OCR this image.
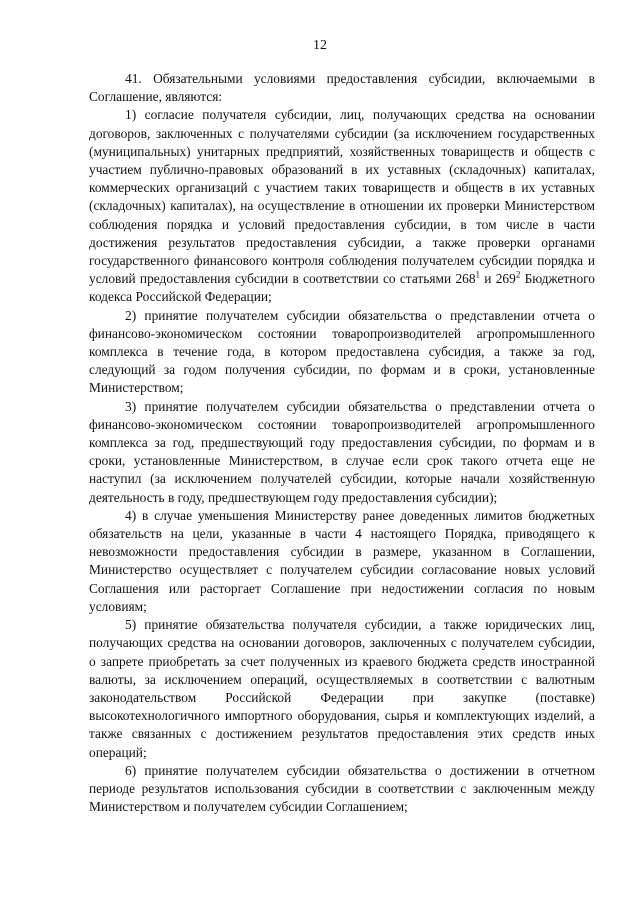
12

41. Обязательными условиями предоставления субсидии, включаемыми в Соглашение, являются:

1) согласие получателя субсидии, лиц, получающих средства на основании договоров, заключенных с получателями субсидии (за исключением государственных (муниципальных) унитарных предприятий, хозяйственных товариществ и обществ с участием публично-правовых образований в их уставных (складочных) капиталах, коммерческих организаций с участием таких товариществ и обществ в их уставных (складочных) капиталах), на осуществление в отношении их проверки Министерством соблюдения порядка и условий предоставления субсидии, в том числе в части достижения результатов предоставления субсидии, а также проверки органами государственного финансового контроля соблюдения получателем субсидии порядка и условий предоставления субсидии в соответствии со статьями $268^1$ и $269^2$ Бюджетного кодекса Российской Федерации;

2) принятие получателем субсидии обязательства о представлении отчета о финансово-экономическом состоянии товаропроизводителей агропромышленного комплекса в течение года, в котором предоставлена субсидия, а также за год, следующий за годом получения субсидии, по формам и в сроки, установленные Министерством;

3) принятие получателем субсидии обязательства о представлении отчета о финансово-экономическом состоянии товаропроизводителей агропромышленного комплекса за год, предшествующий году предоставления субсидии, по формам и в сроки, установленные Министерством, в случае если срок такого отчета еще не наступил (за исключением получателей субсидии, которые начали хозяйственную деятельность в году, предшествующем году предоставления субсидии);

4) в случае уменьшения Министерству ранее доведенных лимитов бюджетных обязательств на цели, указанные в части 4 настоящего Порядка, приводящего к невозможности предоставления субсидии в размере, указанном в Соглашении, Министерство осуществляет с получателем субсидии согласование новых условий Соглашения или расторгает Соглашение при недостижении согласия по новым условиям;

5) принятие обязательства получателя субсидии, а также юридических лиц, получающих средства на основании договоров, заключенных с получателем субсидии, о запрете приобретать за счет полученных из краевого бюджета средств иностранной валюты, за исключением операций, осуществляемых в соответствии с валютным законодательством Российской Федерации при закупке (поставке) высокотехнологичного импортного оборудования, сырья и комплектующих изделий, а также связанных с достижением результатов предоставления этих средств иных операций;

6) принятие получателем субсидии обязательства о достижении в отчетном периоде результатов использования субсидии в соответствии с заключенным между Министерством и получателем субсидии Соглашением;
